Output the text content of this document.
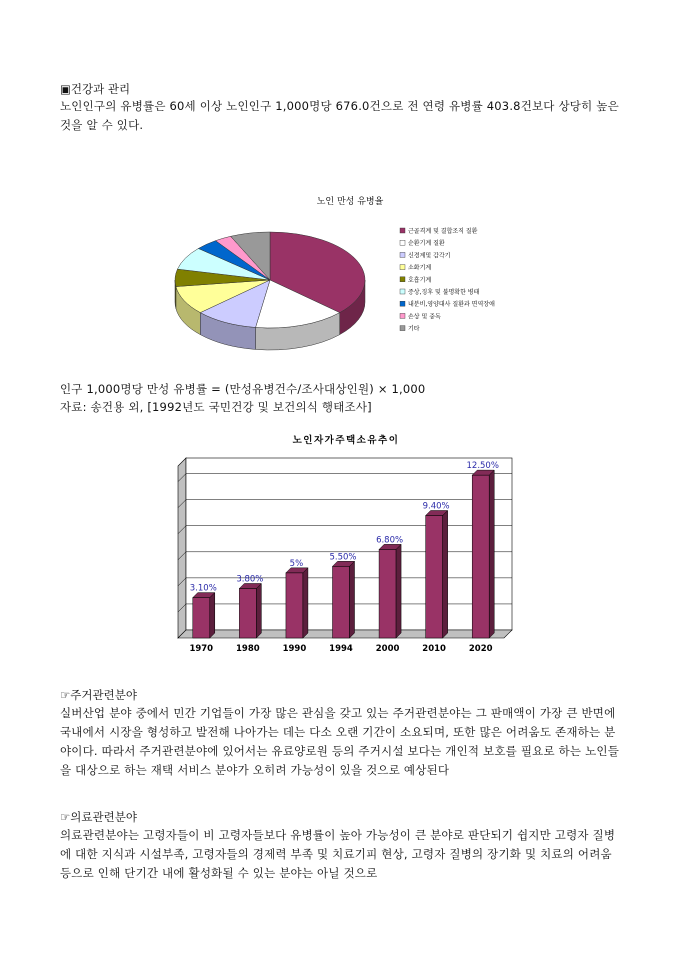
▣건강과 관리
노인인구의 유병률은 60세 이상 노인인구 1,000명당 676.0건으로 전 연령 유병률 403.8건보다 상당히 높은 것을 알 수 있다.
노인 만성 유병율
근골격계 및 결합조직 질환
순환기계 질환
신경계및 감각기
소화기계
호흡기계
증상,징후 및 불명확한 병태
내분비,영양대사 질환과 면역장애
손상 및 중독
기타
인구 1,000명당 만성 유병률 = (만성유병건수/조사대상인원) × 1,000
자료: 송건용 외, [1992년도 국민건강 및 보건의식 행태조사]
노인자가주택소유추이
3.10%
3.80%
5%
5.50%
6.80%
9.40%
12.50%
1970	1980	1990	1994	2000	2010	2020
☞주거관련분야
실버산업 분야 중에서 민간 기업들이 가장 많은 관심을 갖고 있는 주거관련분야는 그 판매액이 가장 큰 반면에 국내에서 시장을 형성하고 발전해 나아가는 데는 다소 오랜 기간이 소요되며, 또한 많은 어려움도 존재하는 분야이다. 따라서 주거관련분야에 있어서는 유료양로원 등의 주거시설 보다는 개인적 보호를 필요로 하는 노인들을 대상으로 하는 재택 서비스 분야가 오히려 가능성이 있을 것으로 예상된다
☞의료관련분야
의료관련분야는 고령자들이 비 고령자들보다 유병률이 높아 가능성이 큰 분야로 판단되기 쉽지만 고령자 질병에 대한 지식과 시설부족, 고령자들의 경제력 부족 및 치료기피 현상, 고령자 질병의 장기화 및 치료의 어려움 등으로 인해 단기간 내에 활성화될 수 있는 분야는 아닐 것으로
